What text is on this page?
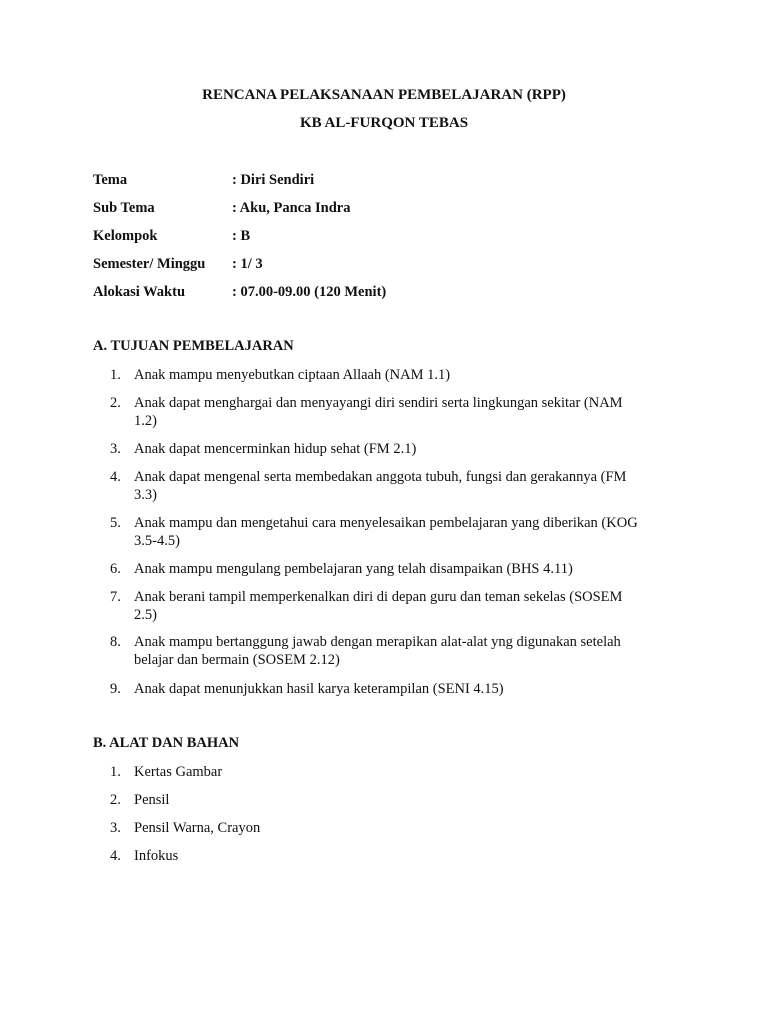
RENCANA PELAKSANAAN PEMBELAJARAN (RPP)
KB AL-FURQON TEBAS
Tema	: Diri Sendiri
Sub Tema	: Aku, Panca Indra
Kelompok	: B
Semester/ Minggu	: 1/ 3
Alokasi Waktu	: 07.00-09.00 (120 Menit)
A. TUJUAN PEMBELAJARAN
1. Anak mampu menyebutkan ciptaan Allaah (NAM 1.1)
2. Anak dapat menghargai dan menyayangi diri sendiri serta lingkungan sekitar (NAM
1.2)
3. Anak dapat mencerminkan hidup sehat (FM 2.1)
4. Anak dapat mengenal serta membedakan anggota tubuh, fungsi dan gerakannya (FM
3.3)
5. Anak mampu dan mengetahui cara menyelesaikan pembelajaran yang diberikan (KOG
3.5-4.5)
6. Anak mampu mengulang pembelajaran yang telah disampaikan (BHS 4.11)
7. Anak berani tampil memperkenalkan diri di depan guru dan teman sekelas (SOSEM
2.5)
8. Anak mampu bertanggung jawab dengan merapikan alat-alat yng digunakan setelah
belajar dan bermain (SOSEM 2.12)
9. Anak dapat menunjukkan hasil karya keterampilan (SENI 4.15)
B. ALAT DAN BAHAN
1. Kertas Gambar
2. Pensil
3. Pensil Warna, Crayon
4. Infokus
